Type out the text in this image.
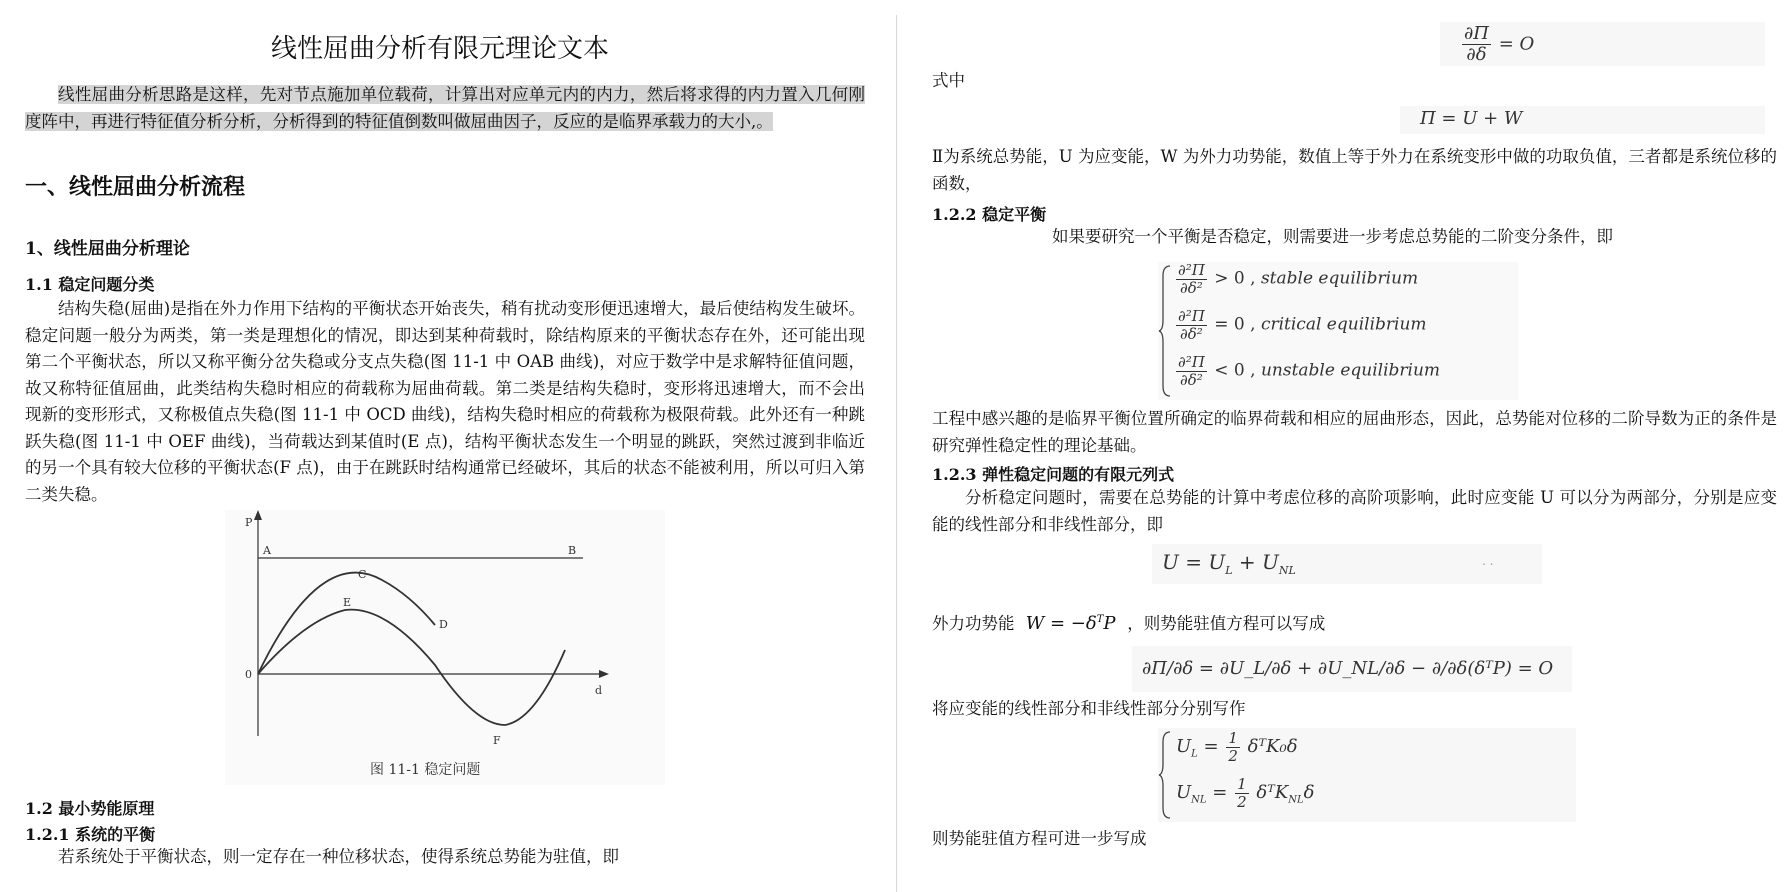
线性屈曲分析有限元理论文本

线性屈曲分析思路是这样，先对节点施加单位载荷，计算出对应单元内的内力，然后将求得的内力置入几何刚度阵中，再进行特征值分析分析，分析得到的特征值倒数叫做屈曲因子，反应的是临界承载力的大小,。

一、线性屈曲分析流程
1、线性屈曲分析理论
1.1 稳定问题分类

结构失稳(屈曲)是指在外力作用下结构的平衡状态开始丧失，稍有扰动变形便迅速增大，最后使结构发生破坏。稳定问题一般分为两类，第一类是理想化的情况，即达到某种荷载时，除结构原来的平衡状态存在外，还可能出现第二个平衡状态，所以又称平衡分岔失稳或分支点失稳(图 11-1 中 OAB 曲线)，对应于数学中是求解特征值问题，故又称特征值屈曲，此类结构失稳时相应的荷载称为屈曲荷载。第二类是结构失稳时，变形将迅速增大，而不会出现新的变形形式，又称极值点失稳(图 11-1 中 OCD 曲线)，结构失稳时相应的荷载称为极限荷载。此外还有一种跳跃失稳(图 11-1 中 OEF 曲线)，当荷载达到某值时(E 点)，结构平衡状态发生一个明显的跳跃，突然过渡到非临近的另一个具有较大位移的平衡状态(F 点)，由于在跳跃时结构通常已经破坏，其后的状态不能被利用，所以可归入第二类失稳。

P
A	B
C
D
E
F
0
d
图 11-1 稳定问题
1.2 最小势能原理
1.2.1 系统的平衡

若系统处于平衡状态，则一定存在一种位移状态，使得系统总势能为驻值，即

$\frac{\partial\Pi}{\partial\delta} = O$
式中
Π = U + W

Ⅱ为系统总势能，U 为应变能，W 为外力功势能，数值上等于外力在系统变形中做的功取负值，三者都是系统位移的函数，

1.2.2 稳定平衡

如果要研究一个平衡是否稳定，则需要进一步考虑总势能的二阶变分条件，即

$\frac{\text{∂²Π}}{\text{∂δ²}} > 0$ , stable equilibrium
$\frac{\text{∂²Π}}{\text{∂δ²}} = 0$ , critical equilibrium
$\frac{\text{∂²Π}}{\text{∂δ²}} < 0$ , unstable equilibrium

工程中感兴趣的是临界平衡位置所确定的临界荷载和相应的屈曲形态，因此，总势能对位移的二阶导数为正的条件是研究弹性稳定性的理论基础。

1.2.3 弹性稳定问题的有限元列式

分析稳定问题时，需要在总势能的计算中考虑位移的高阶项影响，此时应变能 U 可以分为两部分，分别是应变能的线性部分和非线性部分，即

$U = U_L + U_{NL}$
. .
外力功势能 $W = -\delta^TP$ ，则势能驻值方程可以写成
∂Π/∂δ = ∂U_L/∂δ + ∂U_NL/∂δ − ∂/∂δ(δᵀP) = O
将应变能的线性部分和非线性部分分别写作
$U_L = \frac{1}{2}$ δᵀK₀δ
$U_{NL} = \frac{1}{2}$ δᵀK$_{NL}$δ
则势能驻值方程可进一步写成
